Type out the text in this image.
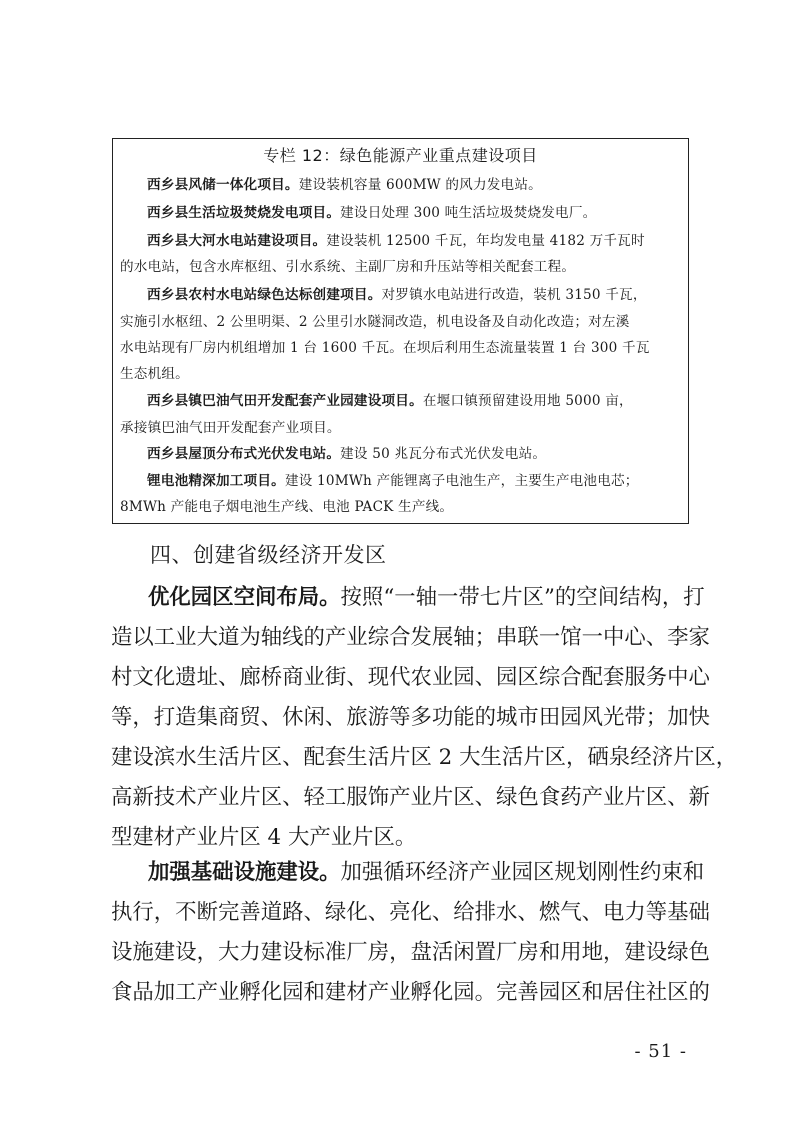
专栏 12：绿色能源产业重点建设项目
西乡县风储一体化项目。建设装机容量 600MW 的风力发电站。
西乡县生活垃圾焚烧发电项目。建设日处理 300 吨生活垃圾焚烧发电厂。
西乡县大河水电站建设项目。建设装机 12500 千瓦，年均发电量 4182 万千瓦时
的水电站，包含水库枢纽、引水系统、主副厂房和升压站等相关配套工程。
西乡县农村水电站绿色达标创建项目。对罗镇水电站进行改造，装机 3150 千瓦，
实施引水枢纽、2 公里明渠、2 公里引水隧洞改造，机电设备及自动化改造；对左溪
水电站现有厂房内机组增加 1 台 1600 千瓦。在坝后利用生态流量装置 1 台 300 千瓦
生态机组。
西乡县镇巴油气田开发配套产业园建设项目。在堰口镇预留建设用地 5000 亩，
承接镇巴油气田开发配套产业项目。
西乡县屋顶分布式光伏发电站。建设 50 兆瓦分布式光伏发电站。
锂电池精深加工项目。建设 10MWh 产能锂离子电池生产，主要生产电池电芯；
8MWh 产能电子烟电池生产线、电池 PACK 生产线。
四、创建省级经济开发区
优化园区空间布局。按照“一轴一带七片区”的空间结构，打
造以工业大道为轴线的产业综合发展轴；串联一馆一中心、李家
村文化遗址、廊桥商业街、现代农业园、园区综合配套服务中心
等，打造集商贸、休闲、旅游等多功能的城市田园风光带；加快
建设滨水生活片区、配套生活片区 2 大生活片区，硒泉经济片区，
高新技术产业片区、轻工服饰产业片区、绿色食药产业片区、新
型建材产业片区 4 大产业片区。
加强基础设施建设。加强循环经济产业园区规划刚性约束和
执行，不断完善道路、绿化、亮化、给排水、燃气、电力等基础
设施建设，大力建设标准厂房，盘活闲置厂房和用地，建设绿色
食品加工产业孵化园和建材产业孵化园。完善园区和居住社区的
- 51 -
